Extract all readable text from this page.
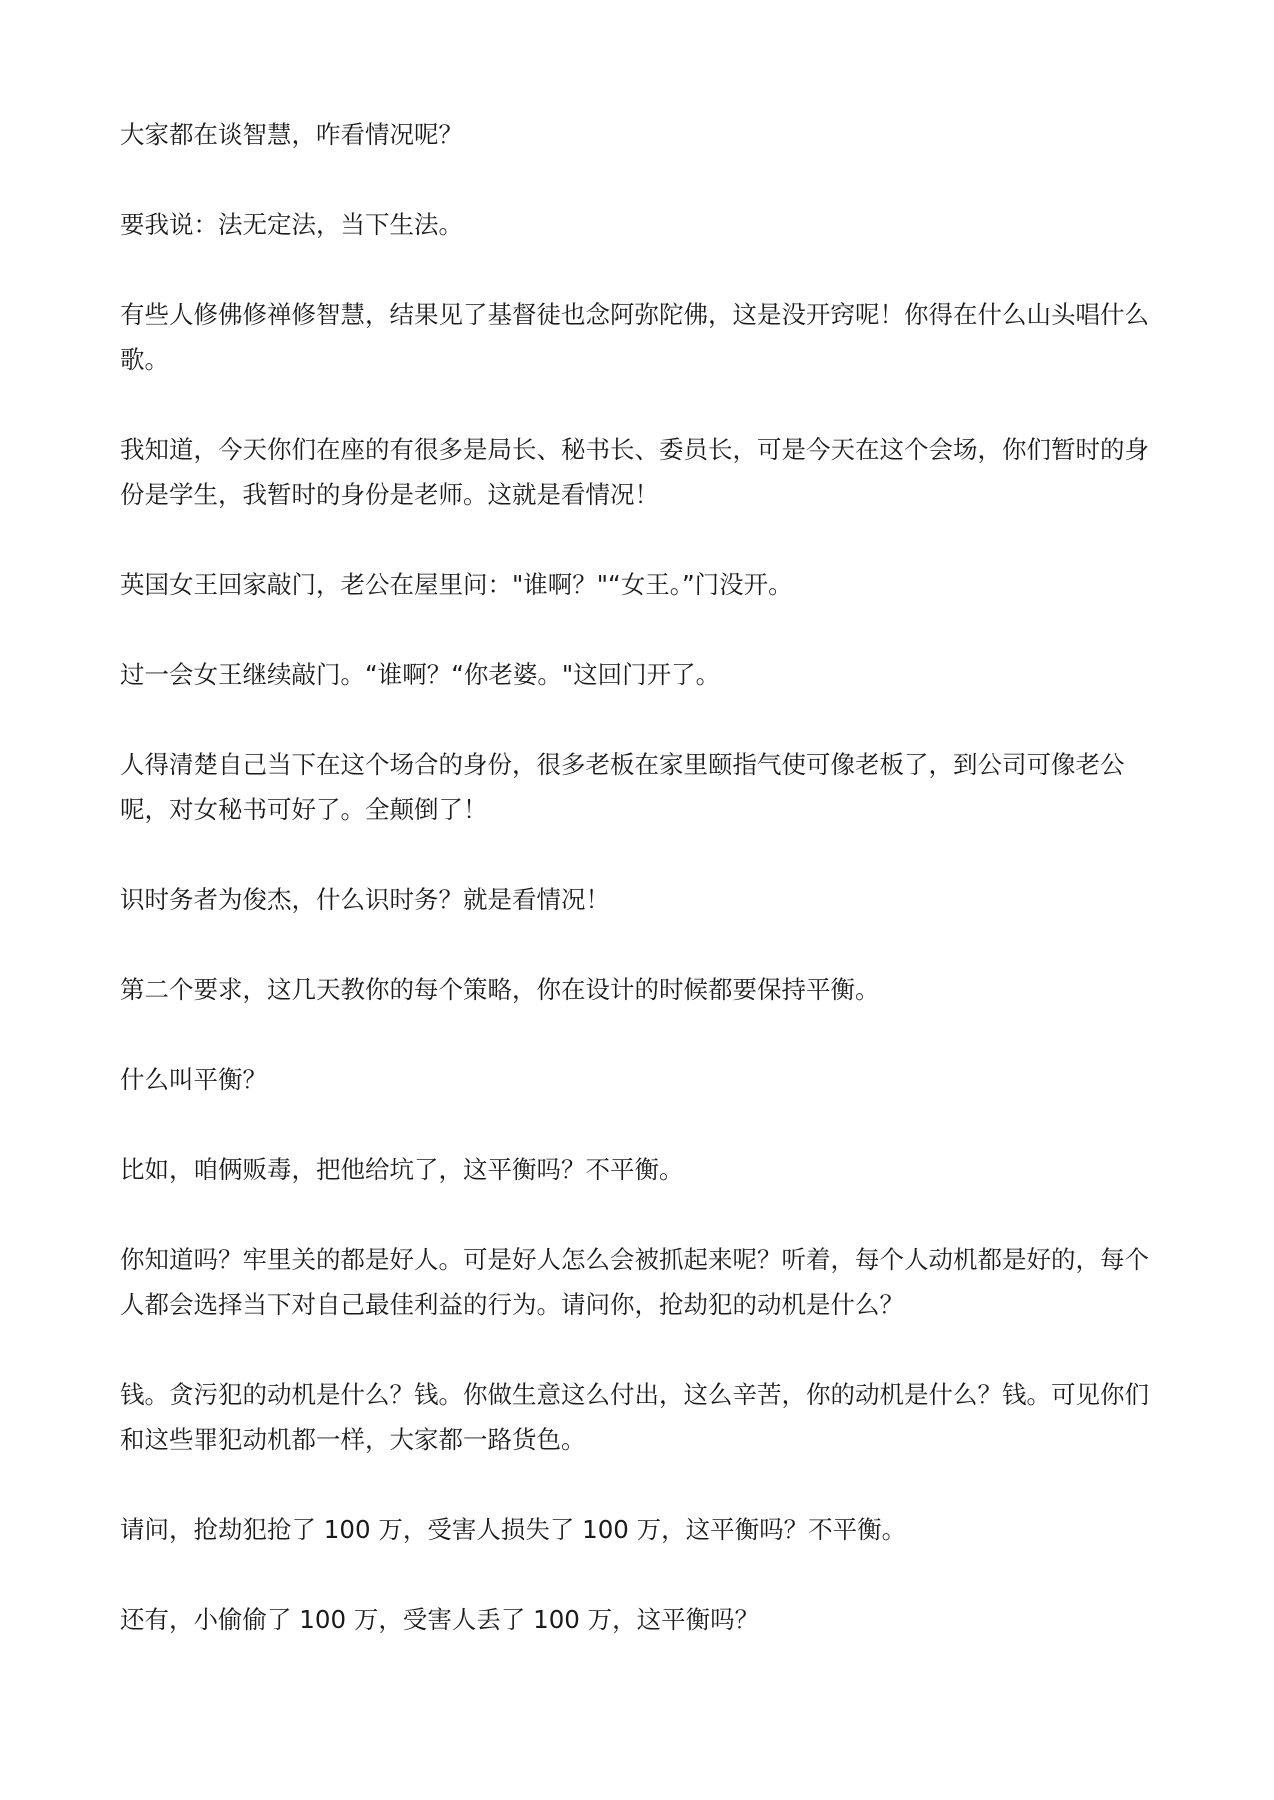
大家都在谈智慧，咋看情况呢？

要我说：法无定法，当下生法。

有些人修佛修禅修智慧，结果见了基督徒也念阿弥陀佛，这是没开窍呢！你得在什么山头唱什么歌。

我知道，今天你们在座的有很多是局长、秘书长、委员长，可是今天在这个会场，你们暂时的身份是学生，我暂时的身份是老师。这就是看情况！

英国女王回家敲门，老公在屋里问："谁啊？"“女王。”门没开。

过一会女王继续敲门。“谁啊？“你老婆。"这回门开了。

人得清楚自己当下在这个场合的身份，很多老板在家里颐指气使可像老板了，到公司可像老公呢，对女秘书可好了。全颠倒了！

识时务者为俊杰，什么识时务？就是看情况！

第二个要求，这几天教你的每个策略，你在设计的时候都要保持平衡。

什么叫平衡？

比如，咱俩贩毒，把他给坑了，这平衡吗？不平衡。

你知道吗？牢里关的都是好人。可是好人怎么会被抓起来呢？听着，每个人动机都是好的，每个人都会选择当下对自己最佳利益的行为。请问你，抢劫犯的动机是什么？

钱。贪污犯的动机是什么？钱。你做生意这么付出，这么辛苦，你的动机是什么？钱。可见你们和这些罪犯动机都一样，大家都一路货色。

请问，抢劫犯抢了 100 万，受害人损失了 100 万，这平衡吗？不平衡。

还有，小偷偷了 100 万，受害人丢了 100 万，这平衡吗？
